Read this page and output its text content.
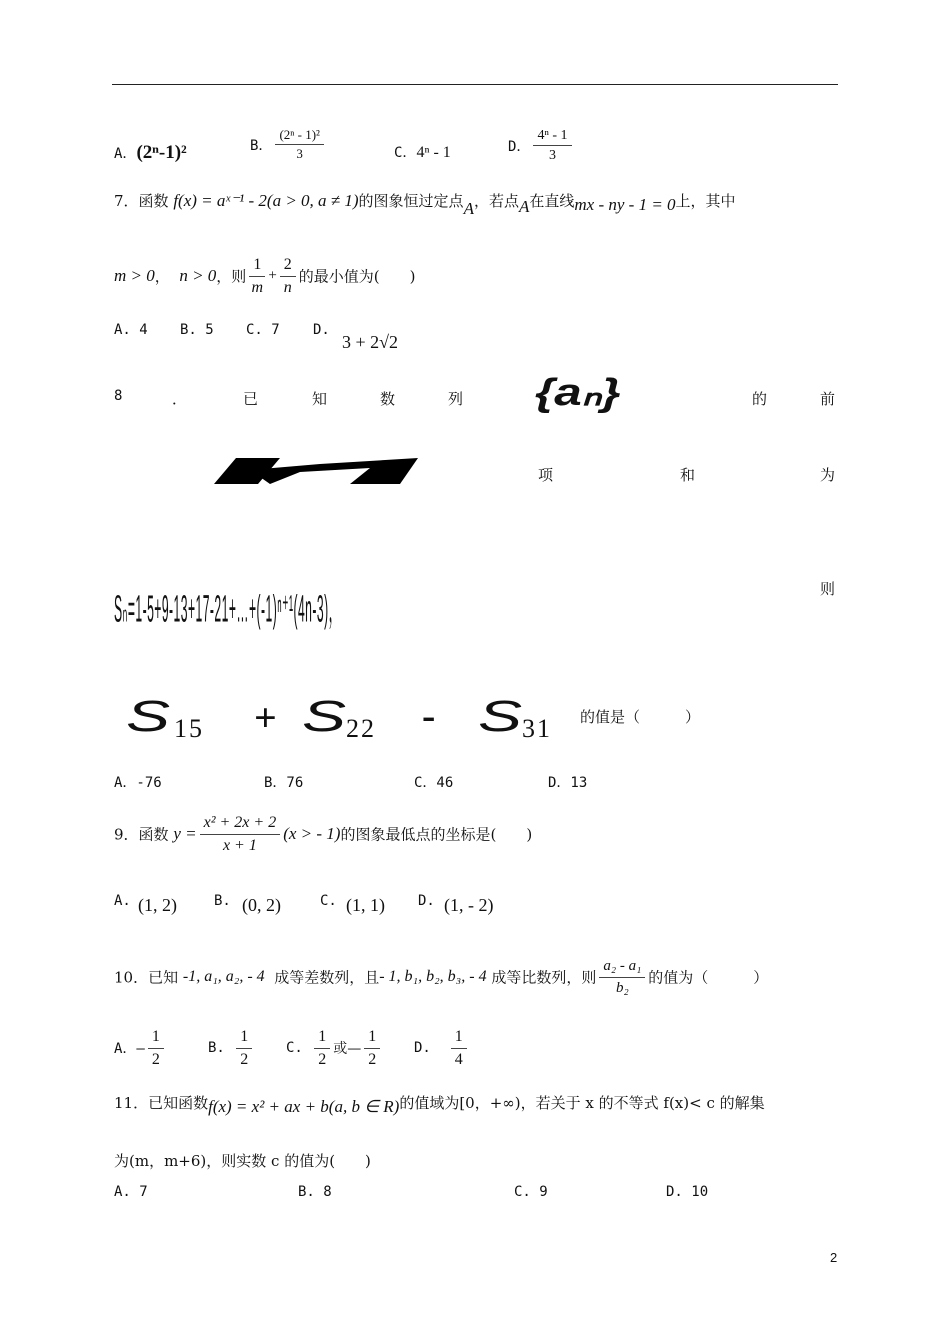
A．(2ⁿ-1)²	B． $\frac{\text{(2ⁿ - 1)²}}{3}$	C．4ⁿ - 1	D． $\frac{\text{4ⁿ - 1}}{3}$
7．函数 f(x) = aˣ⁻¹ - 2(a > 0, a ≠ 1)的图象恒过定点A，若点A在直线mx - ny - 1 = 0上，其中
m > 0， n > 0，则 $\frac{1}{m} + \frac{2}{n}$ 的最小值为(　　)
A. 4 B. 5 C. 7 D.
3 + 2√2
8	．	已	知	数	列 {aₙ}	的	前
项	和	为
Sₙ=1-5+9-13+17-21+…+(-1)ⁿ⁺¹(4n-3)，	则
S 15 + S 22 - S 31 的值是（　　　）
A．-76	B．76	C．46	D．13
9．函数 $y = \frac{\text{x² + 2x + 2}}{x + 1} (x$ > - 1)的图象最低点的坐标是(　　)
A. (1, 2)	B. (0, 2)	C. (1, 1) D. (1, - 2)
10．已知 -1, a₁, a₂, - 4 成等差数列，且- 1, b₁, b₂, b₃, - 4 成等比数列，则 $\frac{\text{a₂ - a₁}}{\text{b₂}}$ 的值为（　　　）
A．— $\frac{1}{2}$	B. $\frac{1}{2} C$. $\frac{1}{2}$ 或— $\frac{1}{2} D$. $\frac{1}{4}$
11．已知函数f(x) = x² + ax + b(a, b ∈ R)的值域为[0，+∞)，若关于 x 的不等式 f(x)< c 的解集
为(m，m+6)，则实数 c 的值为(　　)
A. 7	B. 8	C. 9	D. 10
2
